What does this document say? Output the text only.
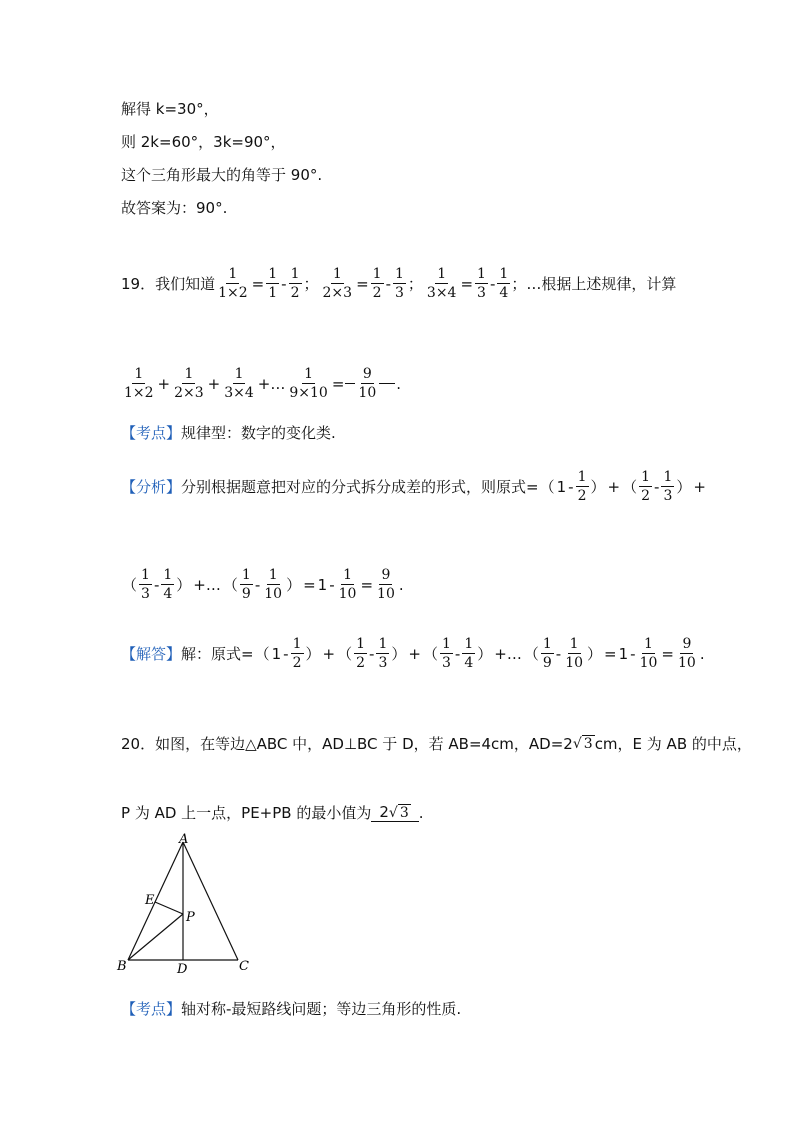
解得 k=30°，
则 2k=60°，3k=90°，
这个三角形最大的角等于 90°.
故答案为：90°.
19． 我们知道 $\frac{1}{1\times 2} = \frac{1}{1} - \frac{1}{2}$ ； $\frac{1}{2\times 3} = \frac{1}{2} - \frac{1}{3}$ ； $\frac{1}{3\times 4} = \frac{1}{3} - \frac{1}{4}$ ；…根据上述规律，计算
$\frac{1}{1\times 2} + \frac{1}{2\times 3} + \frac{1}{3\times 4}$ +… $\frac{1}{9\times 10} = \frac{9}{10}$ .
【考点】规律型：数字的变化类.
【分析】 分别根据题意把对应的分式拆分成差的形式，则原式= （ $1 - \frac{1}{2}$ ） + （ $\frac{1}{2} - \frac{1}{3}$ ） +
（ $\frac{1}{3} - \frac{1}{4}$ ） +… （ $\frac{1}{9} - \frac{1}{10}$ ） = $1 - \frac{1}{10} = \frac{9}{10}$ .
【解答】 解：原式= （ $1 - \frac{1}{2}$ ） + （ $\frac{1}{2} - \frac{1}{3}$ ） + （ $\frac{1}{3} - \frac{1}{4}$ ） +… （ $\frac{1}{9} - \frac{1}{10}$ ） = $1 - \frac{1}{10} = \frac{9}{10}$ .
20．如图，在等边△ABC 中，AD⊥BC 于 D，若 AB=4cm，AD=2 √ 3 cm，E 为 AB 的中点，
P 为 AD 上一点，PE+PB 的最小值为 2√ 3 .
A
B	C
D
E
P
【考点】轴对称-最短路线问题；等边三角形的性质.
